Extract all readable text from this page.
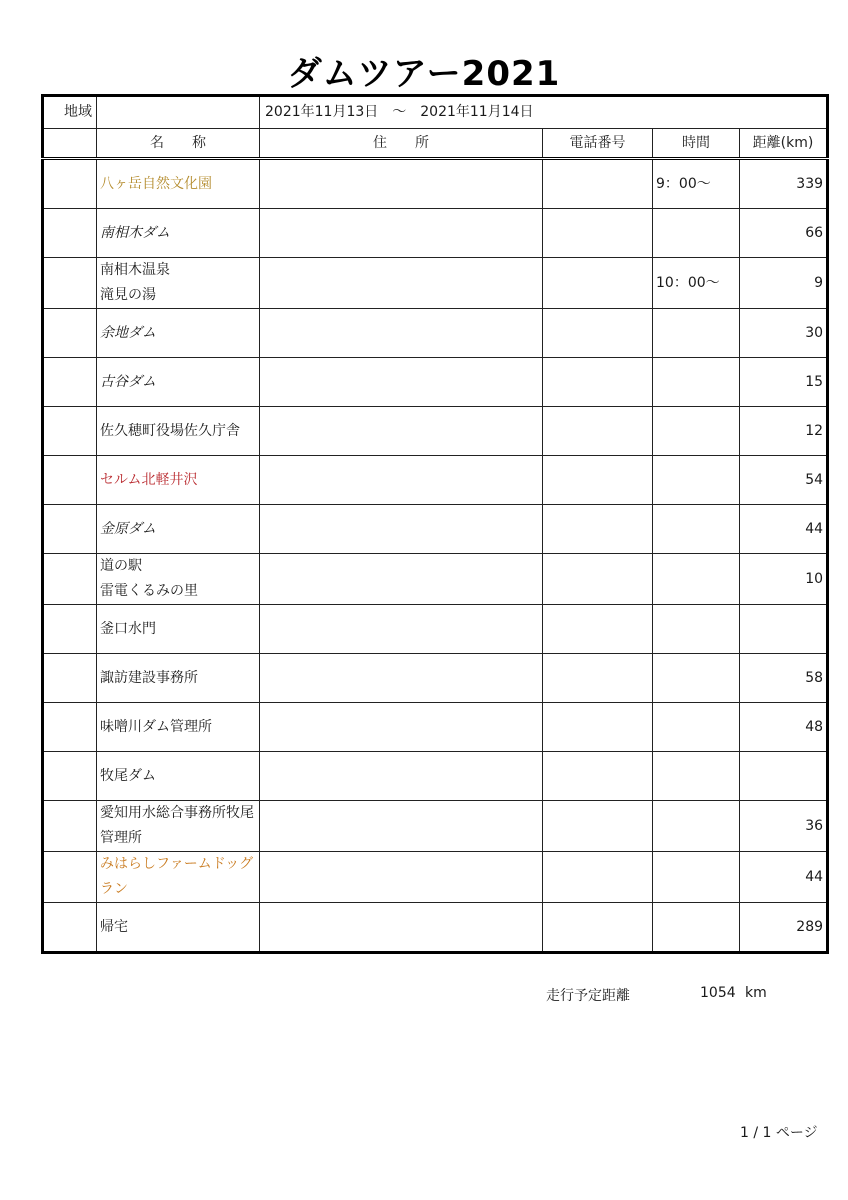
ダムツアー2021
地域		2021年11月13日　～　2021年11月14日			
	名　　称	住　　所	電話番号	時間	距離(km)
	八ヶ岳自然文化園			9：00～	339
	南相木ダム				66
	南相木温泉
滝見の湯			10：00～	9
	余地ダム				30
	古谷ダム				15
	佐久穂町役場佐久庁舎				12
	セルム北軽井沢				54
	金原ダム				44
	道の駅
雷電くるみの里				10
	釜口水門				
	諏訪建設事務所				58
	味噌川ダム管理所				48
	牧尾ダム				
	愛知用水総合事務所牧尾管理所				36
	みはらしファームドッグラン				44
	帰宅				289
走行予定距離	1054 km
1 / 1 ページ
